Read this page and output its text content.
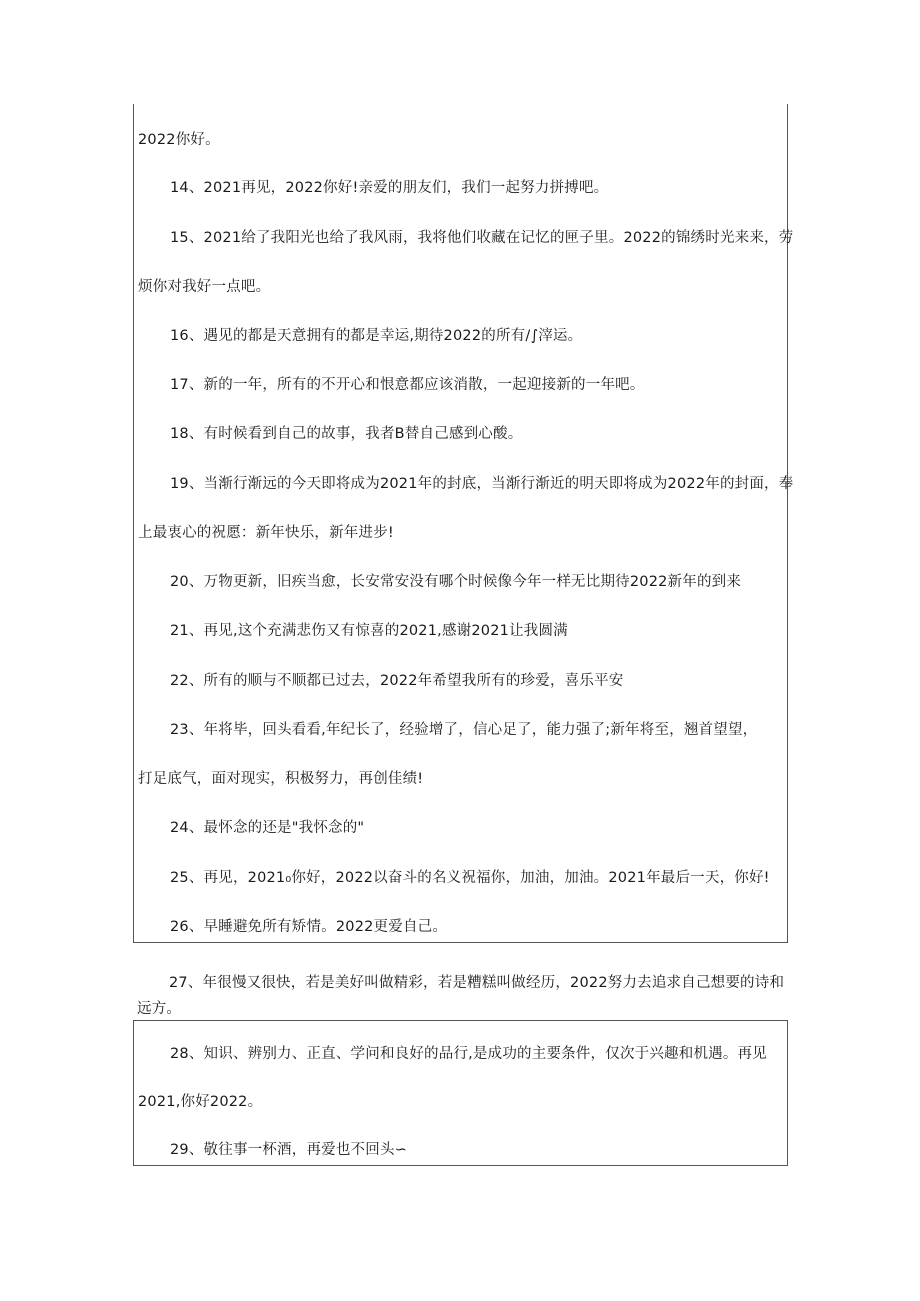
2022你好。
14、2021再见，2022你好!亲爱的朋友们，我们一起努力拼搏吧。
15、2021给了我阳光也给了我风雨，我将他们收藏在记忆的匣子里。2022的锦绣时光来来，劳
烦你对我好一点吧。
16、遇见的都是天意拥有的都是幸运,期待2022的所有/∫滓运。
17、新的一年，所有的不开心和恨意都应该消散，一起迎接新的一年吧。
18、有时候看到自己的故事，我者B替自己感到心酸。
19、当渐行渐远的今天即将成为2021年的封底，当渐行渐近的明天即将成为2022年的封面，奉
上最衷心的祝愿：新年快乐，新年进步!
20、万物更新，旧疾当愈，长安常安没有哪个时候像今年一样无比期待2022新年的到来
21、再见,这个充满悲伤又有惊喜的2021,感谢2021让我圆满
22、所有的顺与不顺都已过去，2022年希望我所有的珍爱，喜乐平安
23、年将毕，回头看看,年纪长了，经验增了，信心足了，能力强了;新年将至，翘首望望，
打足底气，面对现实，积极努力，再创佳绩!
24、最怀念的还是"我怀念的"
25、再见，2021₀你好，2022以奋斗的名义祝福你，加油，加油。2021年最后一天，你好!
26、早睡避免所有矫情。2022更爱自己。
27、年很慢又很快，若是美好叫做精彩，若是糟糕叫做经历，2022努力去追求自己想要的诗和
远方。
28、知识、辨别力、正直、学问和良好的品行,是成功的主要条件，仅次于兴趣和机遇。再见
2021,你好2022。
29、敬往事一杯酒，再爱也不回头∽
